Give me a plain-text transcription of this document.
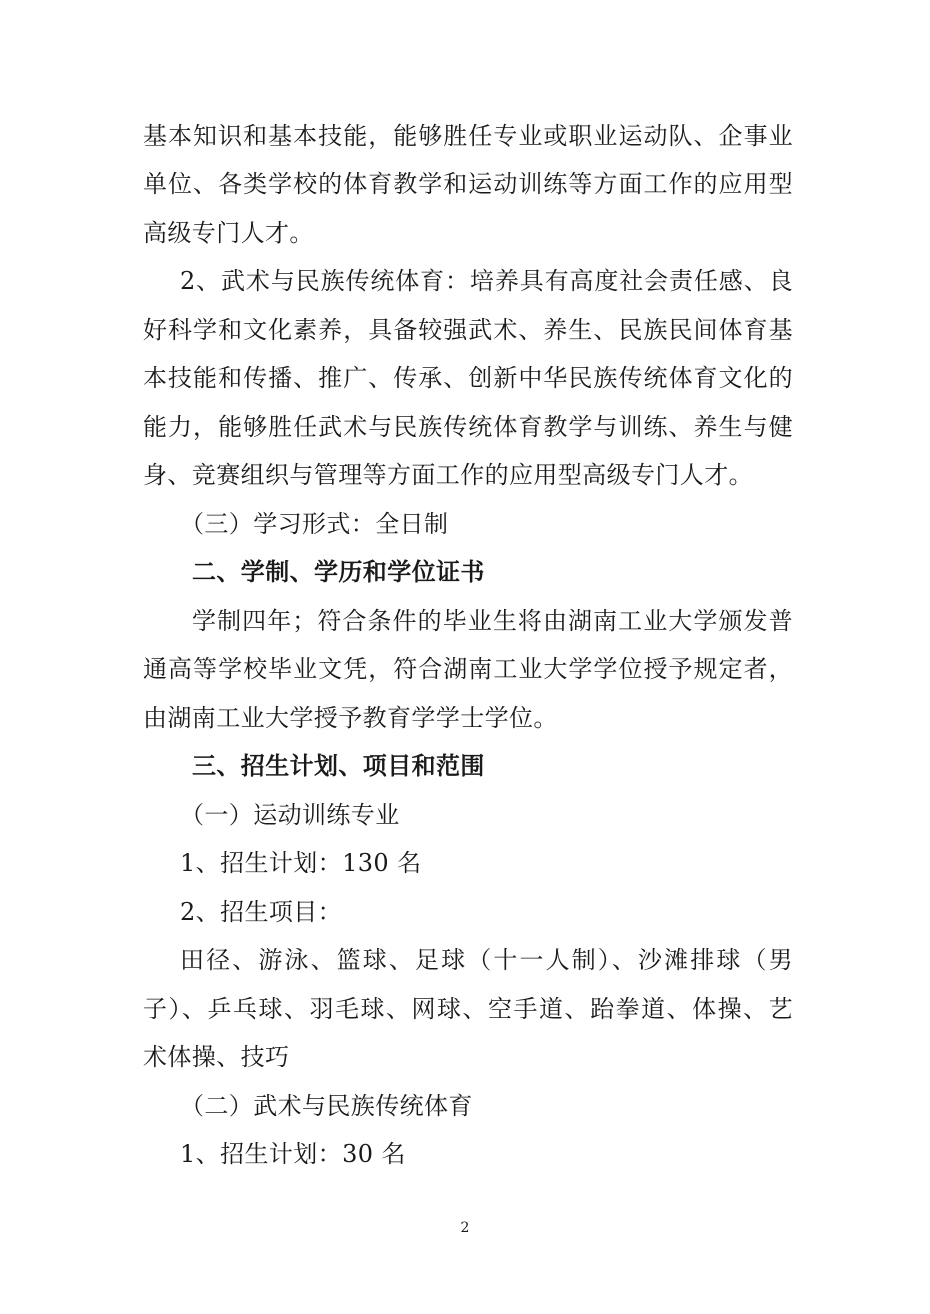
基本知识和基本技能，能够胜任专业或职业运动队、企事业
单位、各类学校的体育教学和运动训练等方面工作的应用型
高级专门人才。
2、武术与民族传统体育：培养具有高度社会责任感、良
好科学和文化素养，具备较强武术、养生、民族民间体育基
本技能和传播、推广、传承、创新中华民族传统体育文化的
能力，能够胜任武术与民族传统体育教学与训练、养生与健
身、竞赛组织与管理等方面工作的应用型高级专门人才。
（三）学习形式：全日制
二、学制、学历和学位证书
学制四年；符合条件的毕业生将由湖南工业大学颁发普
通高等学校毕业文凭，符合湖南工业大学学位授予规定者，
由湖南工业大学授予教育学学士学位。
三、招生计划、项目和范围
（一）运动训练专业
1、招生计划：130 名
2、招生项目：
田径、游泳、篮球、足球（十一人制）、沙滩排球（男
子）、乒乓球、羽毛球、网球、空手道、跆拳道、体操、艺
术体操、技巧
（二）武术与民族传统体育
1、招生计划：30 名
2
